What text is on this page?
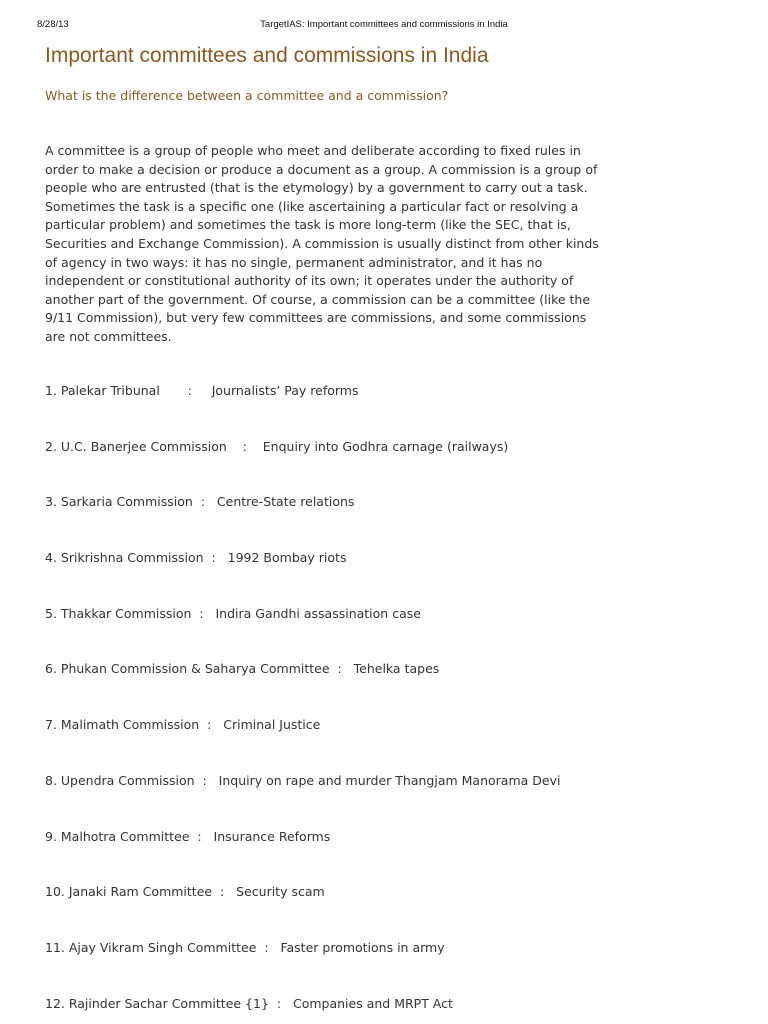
8/28/13	TargetIAS: Important committees and commissions in India
Important committees and commissions in India

What is the difference between a committee and a commission?

A committee is a group of people who meet and deliberate according to fixed rules in
order to make a decision or produce a document as a group. A commission is a group of
people who are entrusted (that is the etymology) by a government to carry out a task.
Sometimes the task is a specific one (like ascertaining a particular fact or resolving a
particular problem) and sometimes the task is more long-term (like the SEC, that is,
Securities and Exchange Commission). A commission is usually distinct from other kinds
of agency in two ways: it has no single, permanent administrator, and it has no
independent or constitutional authority of its own; it operates under the authority of
another part of the government. Of course, a commission can be a committee (like the
9/11 Commission), but very few committees are commissions, and some commissions
are not committees.

1. Palekar Tribunal       :     Journalists’ Pay reforms

2. U.C. Banerjee Commission    :    Enquiry into Godhra carnage (railways)

3. Sarkaria Commission  :   Centre-State relations

4. Srikrishna Commission  :   1992 Bombay riots

5. Thakkar Commission  :   Indira Gandhi assassination case

6. Phukan Commission & Saharya Committee  :   Tehelka tapes

7. Malimath Commission  :   Criminal Justice

8. Upendra Commission  :   Inquiry on rape and murder Thangjam Manorama Devi

9. Malhotra Committee  :   Insurance Reforms

10. Janaki Ram Committee  :   Security scam

11. Ajay Vikram Singh Committee  :   Faster promotions in army

12. Rajinder Sachar Committee {1}  :   Companies and MRPT Act
